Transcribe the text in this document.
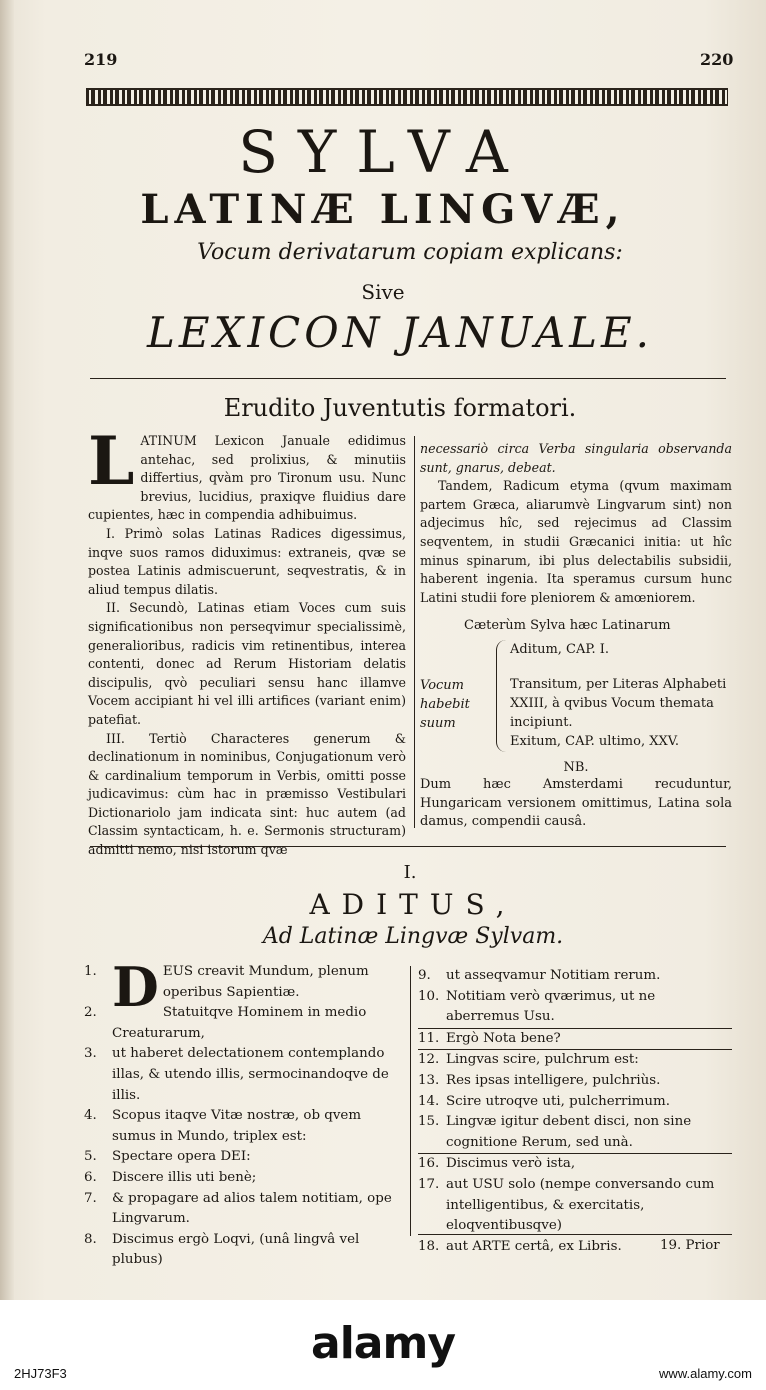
219	220
SYLVA
LATINÆ LINGVÆ,
Vocum derivatarum copiam explicans:
Sive
LEXICON JANUALE.
Erudito Juventutis formatori.
L ATINUM Lexicon Januale edidimus antehac, sed prolixius, & minutiis differtius, qvàm pro Tironum usu. Nunc brevius, lucidius, praxiqve fluidius dare cupientes, hæc in compendia adhibuimus.

I. Primò solas Latinas Radices digessimus, inqve suos ramos diduximus: extraneis, qvæ se postea Latinis admiscuerunt, seqvestratis, & in aliud tempus dilatis.

II. Secundò, Latinas etiam Voces cum suis significationibus non perseqvimur specialissimè, generalioribus, radicis vim retinentibus, interea contenti, donec ad Rerum Historiam delatis discipulis, qvò peculiari sensu hanc illamve Vocem accipiant hi vel illi artifices (variant enim) patefiat.

III. Tertiò Characteres generum & declinationum in nominibus, Conjugationum verò & cardinalium temporum in Verbis, omitti posse judicavimus: cùm hac in præmisso Vestibulari Dictionariolo jam indicata sint: huc autem (ad Classim syntacticam, h. e. Sermonis structuram) admitti nemo, nisi istorum qvæ

necessariò circa Verba singularia observanda sunt, gnarus, debeat.

Tandem, Radicum etyma (qvum maximam partem Græca, aliarumvè Lingvarum sint) non adjecimus hîc, sed rejecimus ad Classim seqventem, in studii Græcanici initia: ut hîc minus spinarum, ibi plus delectabilis subsidii, haberent ingenia. Ita speramus cursum hunc Latini studii fore pleniorem & amœniorem.

Cæterùm Sylva hæc Latinarum
Vocum habebit suum
Aditum, CAP. I.
Transitum, per Literas Alphabeti XXIII, à qvibus Vocum themata incipiunt.
Exitum, CAP. ultimo, XXV.
NB.
Dum hæc Amsterdami recuduntur, Hungaricam versionem omittimus, Latina sola damus, compendii causâ.
I.
ADITUS,
Ad Latinæ Lingvæ Sylvam.
1. D EUS creavit Mundum, plenum operibus Sapientiæ.
2.	Statuitqve Hominem in medio Creaturarum,
3. ut haberet delectationem contemplando illas, & utendo illis, sermocinandoqve de illis.
4. Scopus itaqve Vitæ nostræ, ob qvem sumus in Mundo, triplex est:
5. Spectare opera DEI:
6. Discere illis uti benè;
7. & propagare ad alios talem notitiam, ope Lingvarum.
8. Discimus ergò Loqvi, (unâ lingvâ vel plubus)
9. ut asseqvamur Notitiam rerum.
10. Notitiam verò qværimus, ut ne aberremus Usu.
11. Ergò Nota bene?
12. Lingvas scire, pulchrum est:
13. Res ipsas intelligere, pulchriùs.
14. Scire utroqve uti, pulcherrimum.
15. Lingvæ igitur debent disci, non sine cognitione Rerum, sed unà.
16. Discimus verò ista,
17. aut USU solo (nempe conversando cum intelligentibus, & exercitatis, eloqventibusqve)
18. aut ARTE certâ, ex Libris.	19. Prior
alamy
2HJ73F3	www.alamy.com
